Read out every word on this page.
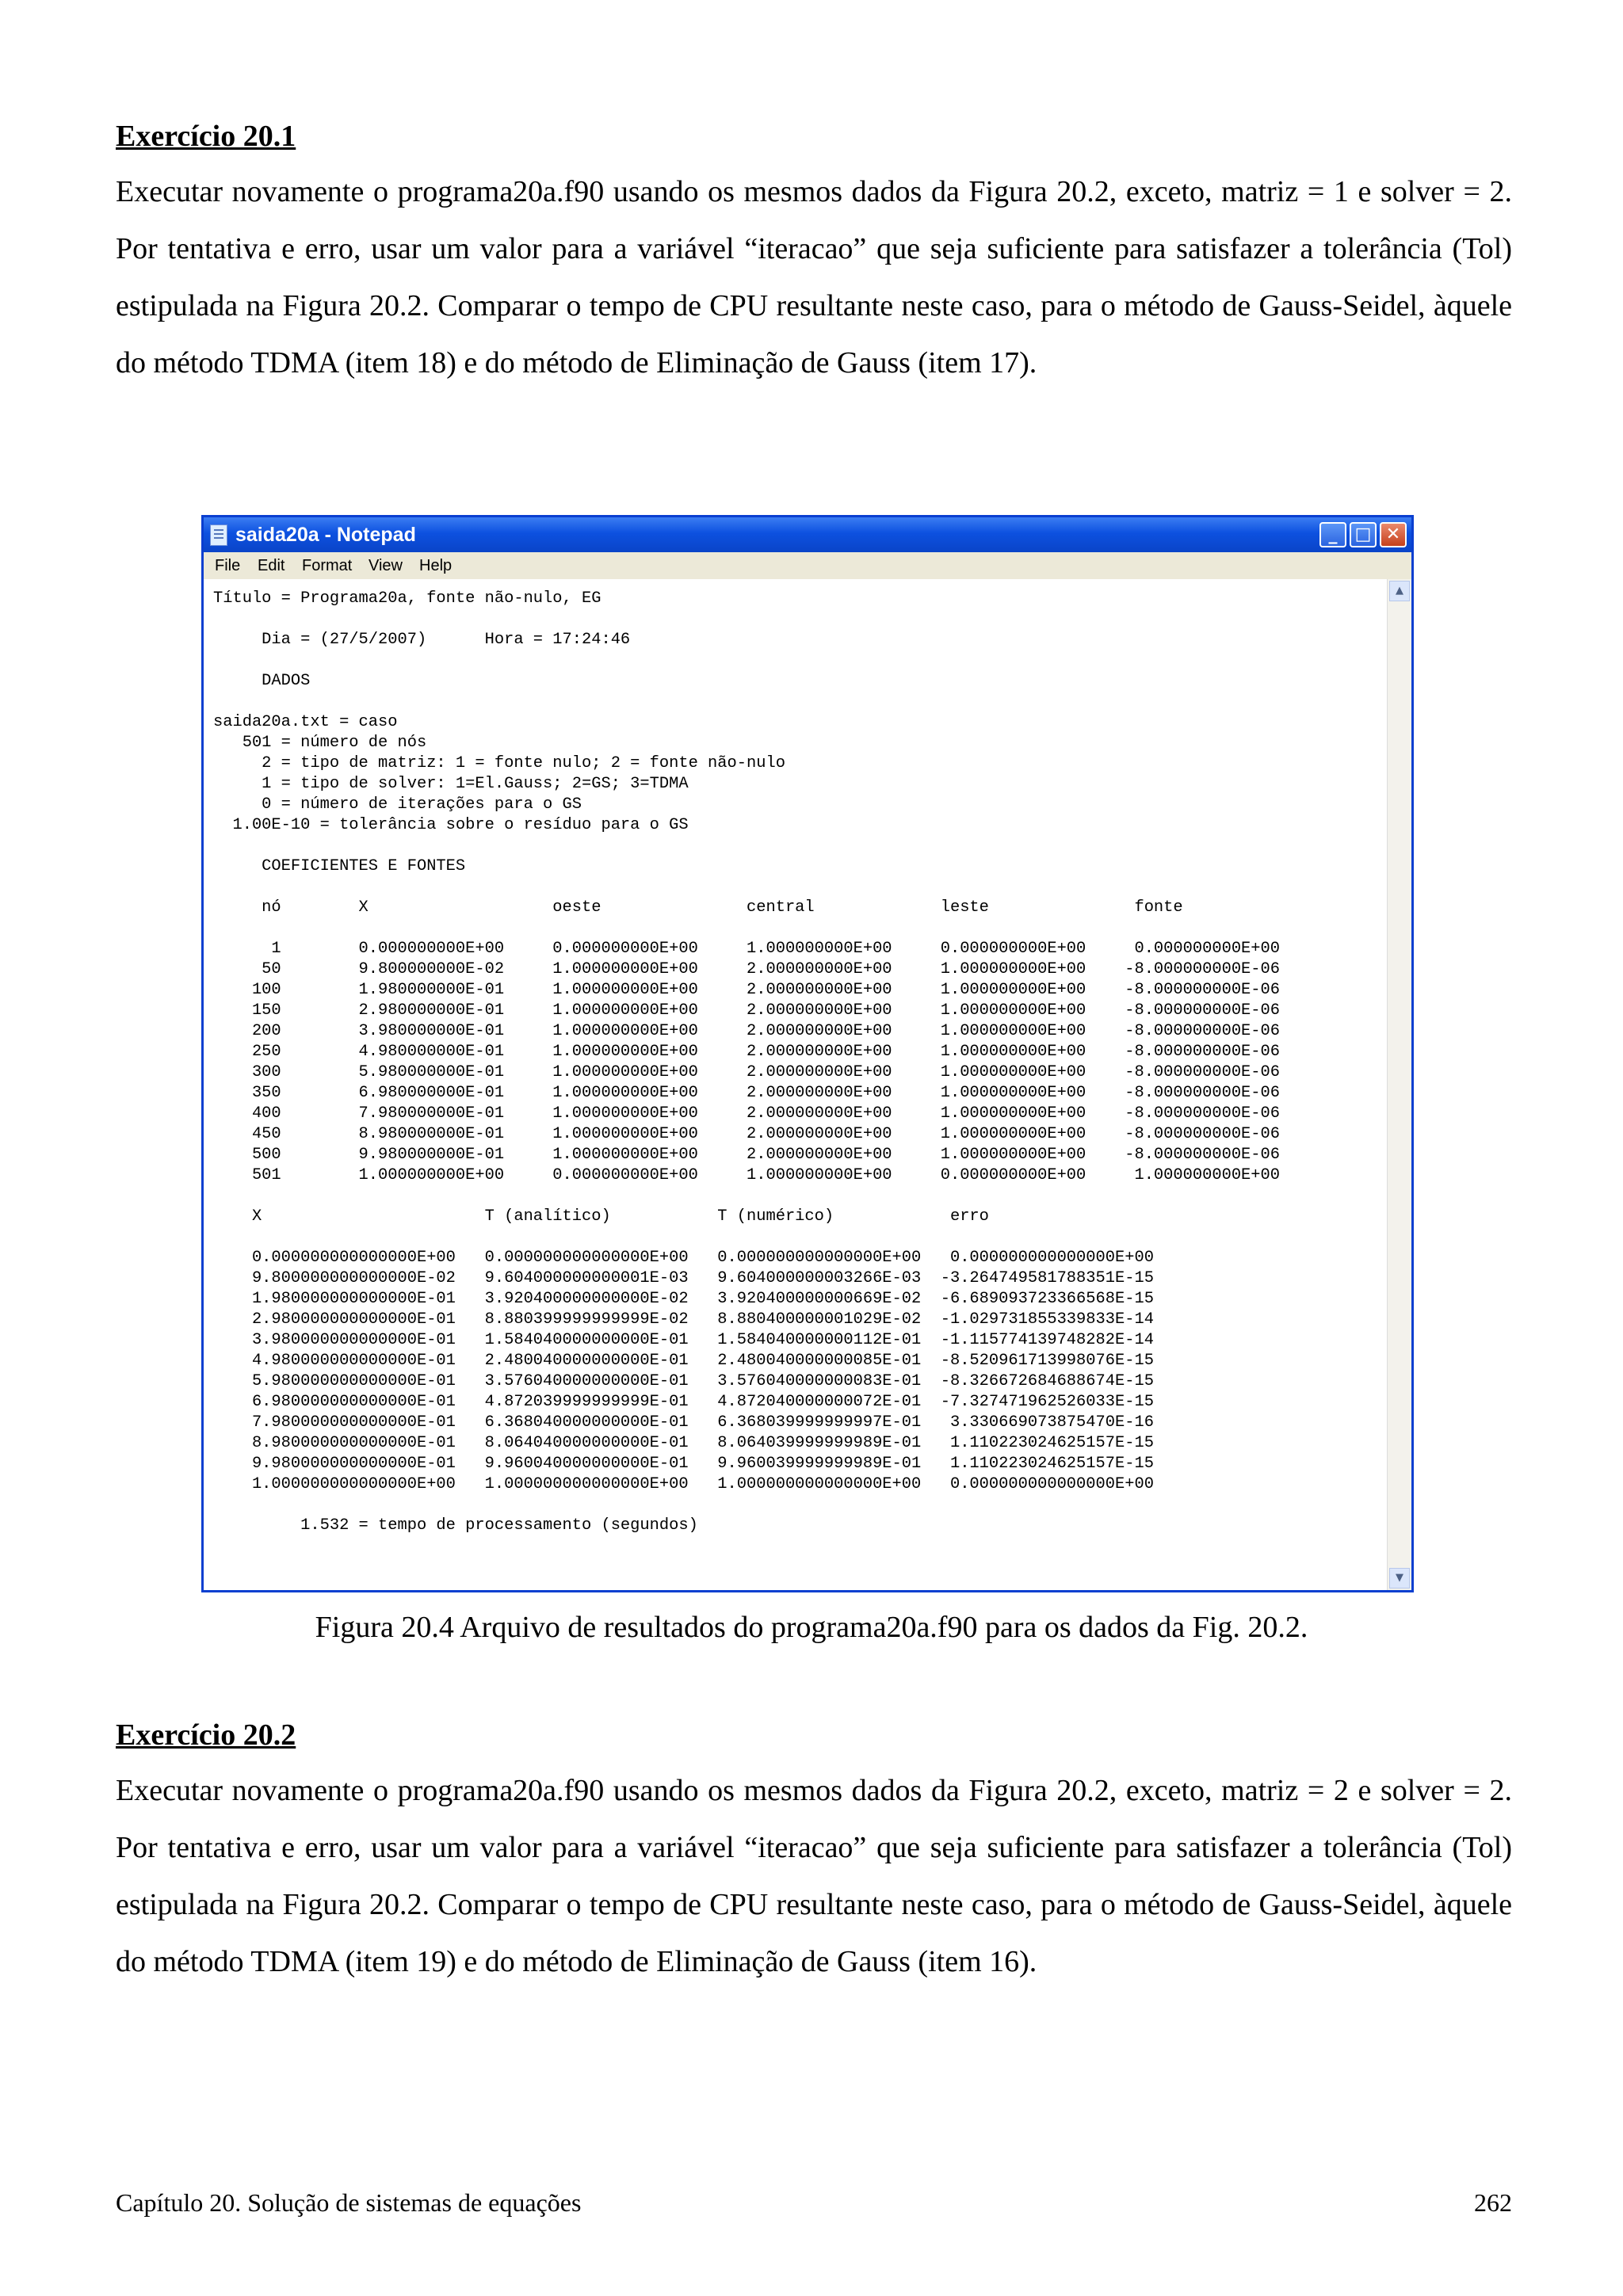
Exercício 20.1
Executar novamente o programa20a.f90 usando os mesmos dados da Figura 20.2, exceto, matriz = 1 e solver = 2. Por tentativa e erro, usar um valor para a variável “iteracao” que seja suficiente para satisfazer a tolerância (Tol) estipulada na Figura 20.2. Comparar o tempo de CPU resultante neste caso, para o método de Gauss-Seidel, àquele do método TDMA (item 18) e do método de Eliminação de Gauss (item 17).
saida20a - Notepad	_	□ ✕
File Edit Format View Help
Título = Programa20a, fonte não-nulo, EG

Dia = (27/5/2007)      Hora = 17:24:46

DADOS

saida20a.txt = caso
501 = número de nós
2 = tipo de matriz: 1 = fonte nulo; 2 = fonte não-nulo
1 = tipo de solver: 1=El.Gauss; 2=GS; 3=TDMA
0 = número de iterações para o GS
1.00E-10 = tolerância sobre o resíduo para o GS

COEFICIENTES E FONTES

nó        X                   oeste               central             leste               fonte

1        0.000000000E+00     0.000000000E+00     1.000000000E+00     0.000000000E+00     0.000000000E+00
50        9.800000000E-02     1.000000000E+00     2.000000000E+00     1.000000000E+00    -8.000000000E-06
100        1.980000000E-01     1.000000000E+00     2.000000000E+00     1.000000000E+00    -8.000000000E-06
150        2.980000000E-01     1.000000000E+00     2.000000000E+00     1.000000000E+00    -8.000000000E-06
200        3.980000000E-01     1.000000000E+00     2.000000000E+00     1.000000000E+00    -8.000000000E-06
250        4.980000000E-01     1.000000000E+00     2.000000000E+00     1.000000000E+00    -8.000000000E-06
300        5.980000000E-01     1.000000000E+00     2.000000000E+00     1.000000000E+00    -8.000000000E-06
350        6.980000000E-01     1.000000000E+00     2.000000000E+00     1.000000000E+00    -8.000000000E-06
400        7.980000000E-01     1.000000000E+00     2.000000000E+00     1.000000000E+00    -8.000000000E-06
450        8.980000000E-01     1.000000000E+00     2.000000000E+00     1.000000000E+00    -8.000000000E-06
500        9.980000000E-01     1.000000000E+00     2.000000000E+00     1.000000000E+00    -8.000000000E-06
501        1.000000000E+00     0.000000000E+00     1.000000000E+00     0.000000000E+00     1.000000000E+00

X                       T (analítico)           T (numérico)            erro

0.000000000000000E+00   0.000000000000000E+00   0.000000000000000E+00   0.000000000000000E+00
9.800000000000000E-02   9.604000000000001E-03   9.604000000003266E-03  -3.264749581788351E-15
1.980000000000000E-01   3.920400000000000E-02   3.920400000000669E-02  -6.689093723366568E-15
2.980000000000000E-01   8.880399999999999E-02   8.880400000001029E-02  -1.029731855339833E-14
3.980000000000000E-01   1.584040000000000E-01   1.584040000000112E-01  -1.115774139748282E-14
4.980000000000000E-01   2.480040000000000E-01   2.480040000000085E-01  -8.520961713998076E-15
5.980000000000000E-01   3.576040000000000E-01   3.576040000000083E-01  -8.326672684688674E-15
6.980000000000000E-01   4.872039999999999E-01   4.872040000000072E-01  -7.327471962526033E-15
7.980000000000000E-01   6.368040000000000E-01   6.368039999999997E-01   3.330669073875470E-16
8.980000000000000E-01   8.064040000000000E-01   8.064039999999989E-01   1.110223024625157E-15
9.980000000000000E-01   9.960040000000000E-01   9.960039999999989E-01   1.110223024625157E-15
1.000000000000000E+00   1.000000000000000E+00   1.000000000000000E+00   0.000000000000000E+00

1.532 = tempo de processamento (segundos)
▲
▼
Figura 20.4 Arquivo de resultados do programa20a.f90 para os dados da Fig. 20.2.
Exercício 20.2
Executar novamente o programa20a.f90 usando os mesmos dados da Figura 20.2, exceto, matriz = 2 e solver = 2. Por tentativa e erro, usar um valor para a variável “iteracao” que seja suficiente para satisfazer a tolerância (Tol) estipulada na Figura 20.2. Comparar o tempo de CPU resultante neste caso, para o método de Gauss-Seidel, àquele do método TDMA (item 19) e do método de Eliminação de Gauss (item 16).
Capítulo 20. Solução de sistemas de equações	262
